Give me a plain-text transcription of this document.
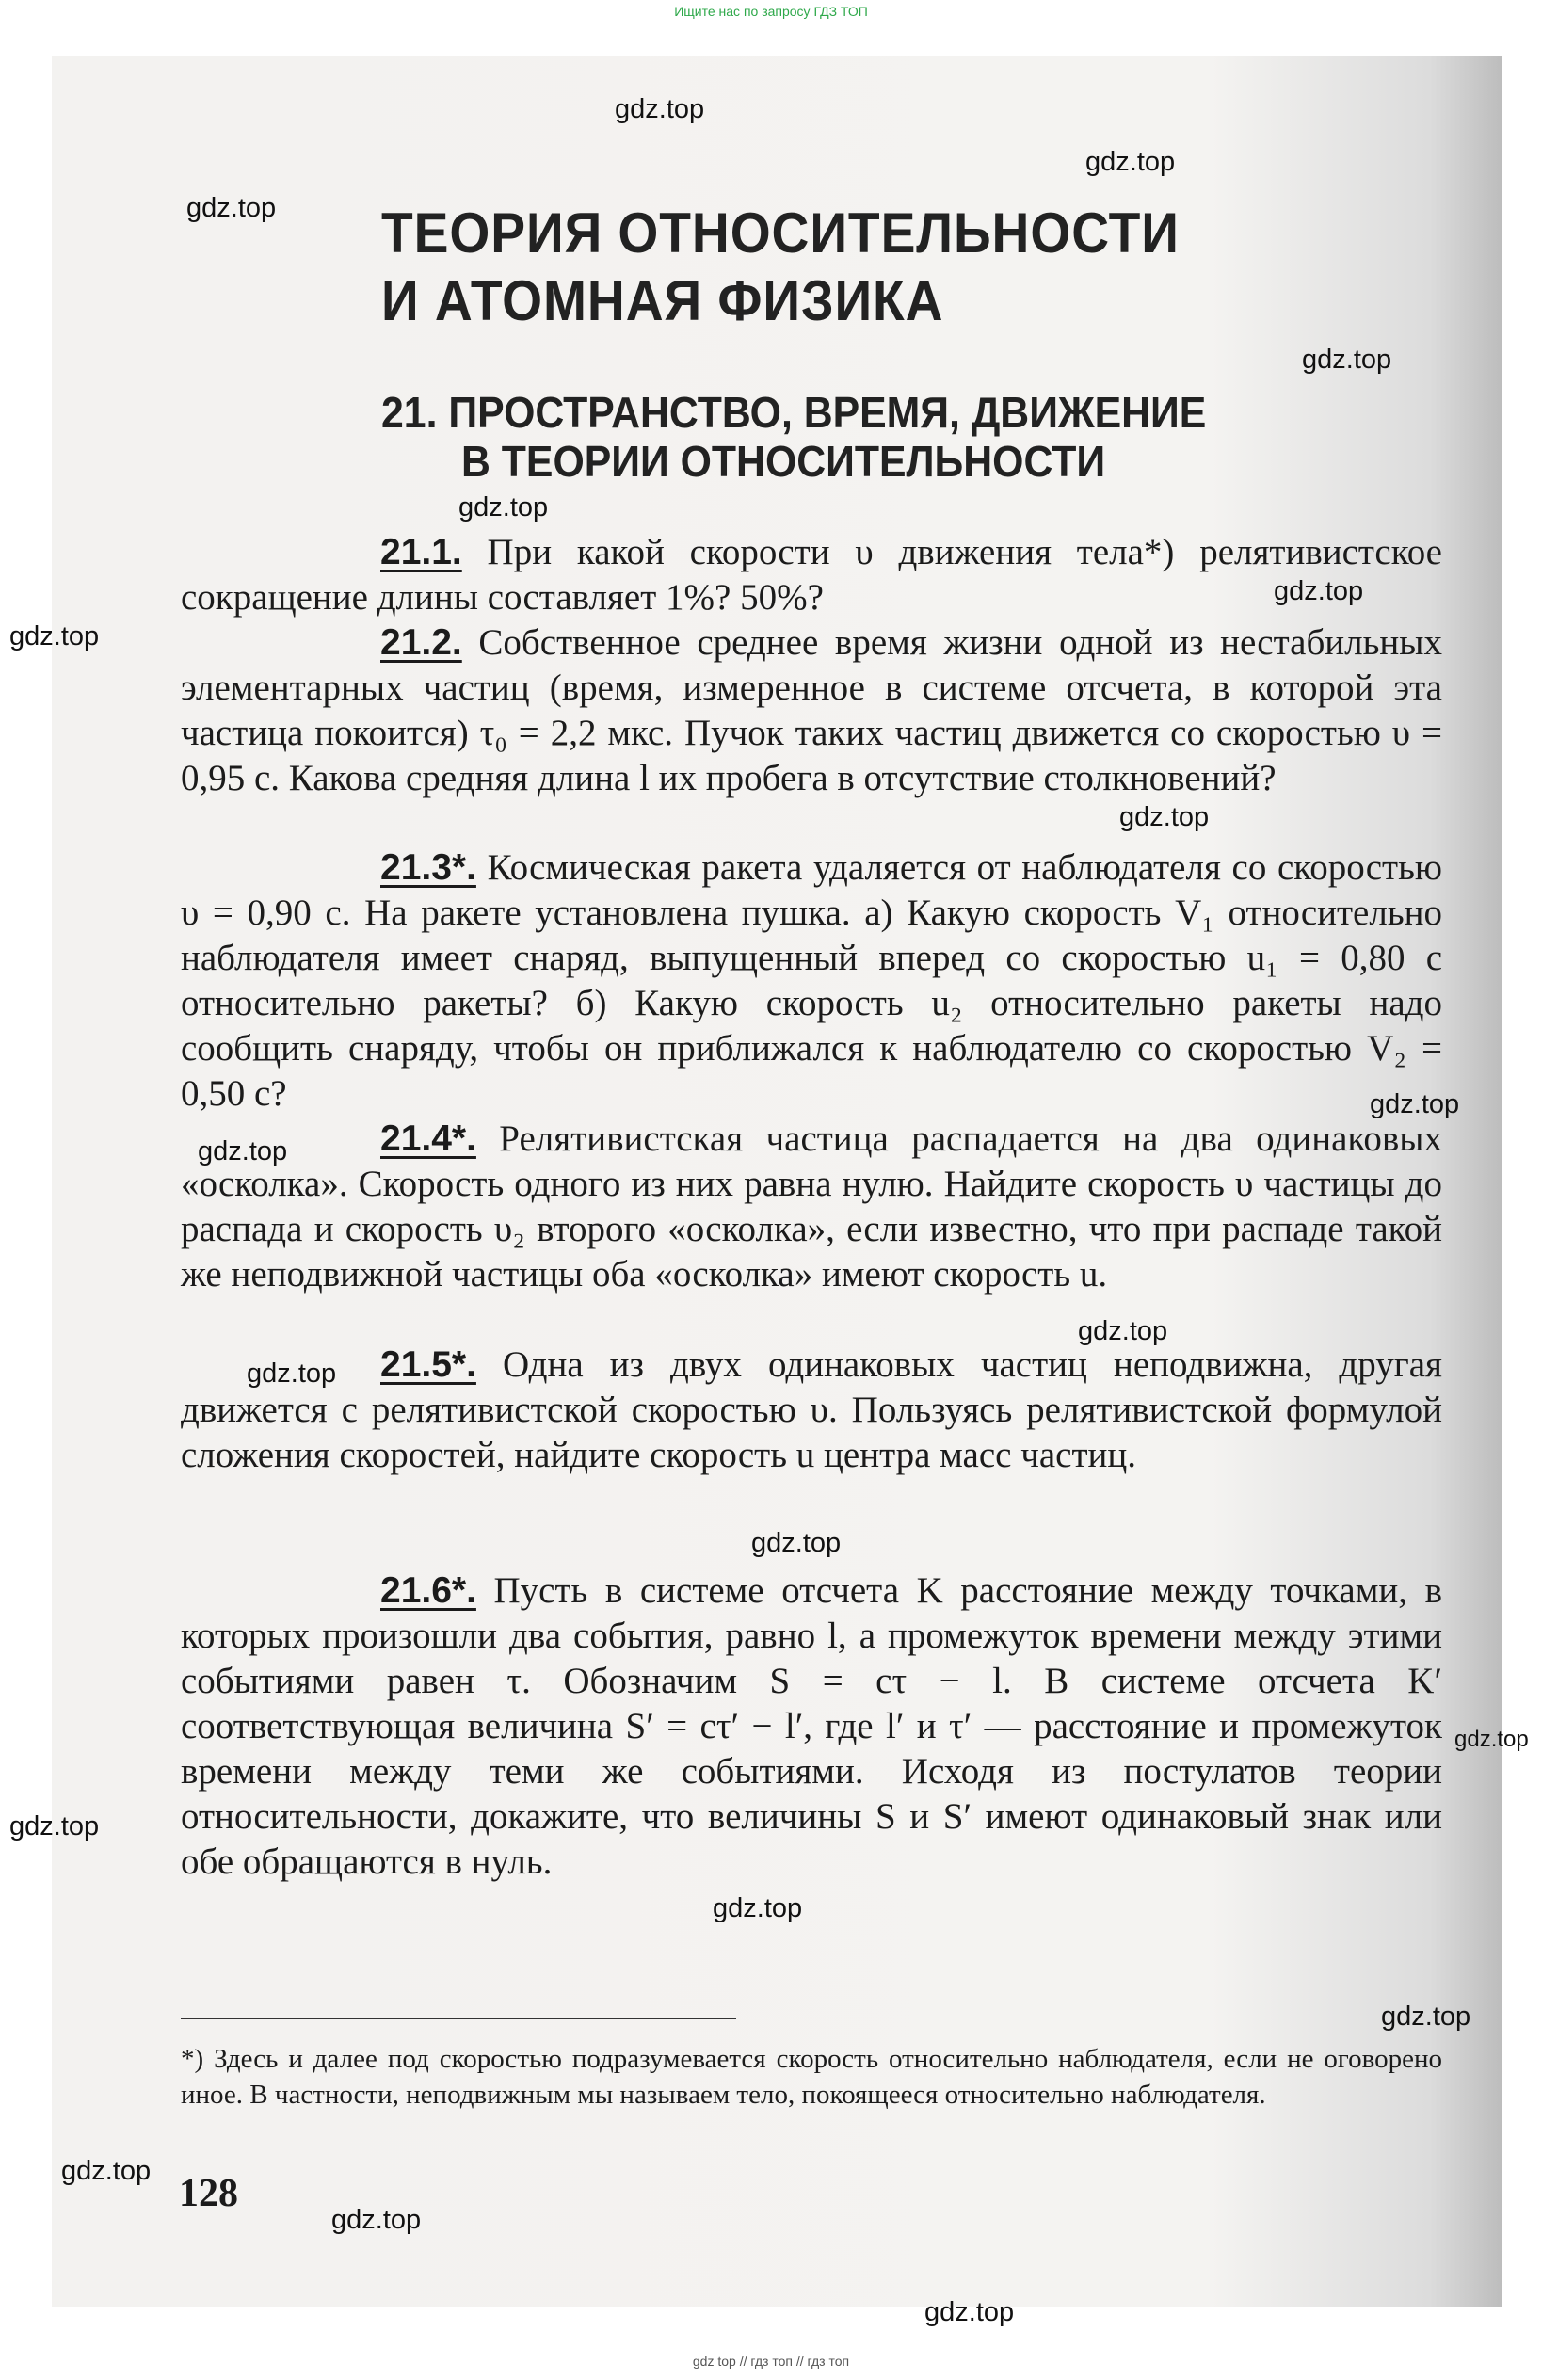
Ищите нас по запросу ГДЗ ТОП
ТЕОРИЯ ОТНОСИТЕЛЬНОСТИ
И АТОМНАЯ ФИЗИКА
21. ПРОСТРАНСТВО, ВРЕМЯ, ДВИЖЕНИЕ
В ТЕОРИИ ОТНОСИТЕЛЬНОСТИ
21.1. При какой скорости υ движения тела*) релятивистское сокращение длины составляет 1%? 50%?
21.2. Собственное среднее время жизни одной из нестабильных элементарных частиц (время, измеренное в системе отсчета, в которой эта частица покоится) τ₀ = 2,2 мкс. Пучок таких частиц движется со скоростью υ = 0,95 c. Какова средняя длина l их пробега в отсутствие столкновений?
21.3*. Космическая ракета удаляется от наблюдателя со скоростью υ = 0,90 c. На ракете установлена пушка. а) Какую скорость V₁ относительно наблюдателя имеет снаряд, выпущенный вперед со скоростью u₁ = 0,80 c относительно ракеты? б) Какую скорость u₂ относительно ракеты надо сообщить снаряду, чтобы он приближался к наблюдателю со скоростью V₂ = 0,50 c?
21.4*. Релятивистская частица распадается на два одинаковых «осколка». Скорость одного из них равна нулю. Найдите скорость υ частицы до распада и скорость υ₂ второго «осколка», если известно, что при распаде такой же неподвижной частицы оба «осколка» имеют скорость u.
21.5*. Одна из двух одинаковых частиц неподвижна, другая движется с релятивистской скоростью υ. Пользуясь релятивистской формулой сложения скоростей, найдите скорость u центра масс частиц.
21.6*. Пусть в системе отсчета K расстояние между точками, в которых произошли два события, равно l, а промежуток времени между этими событиями равен τ. Обозначим S = cτ − l. В системе отсчета K′ соответствующая величина S′ = cτ′ − l′, где l′ и τ′ — расстояние и промежуток времени между теми же событиями. Исходя из постулатов теории относительности, докажите, что величины S и S′ имеют одинаковый знак или обе обращаются в нуль.
*) Здесь и далее под скоростью подразумевается скорость относительно наблюдателя, если не оговорено иное. В частности, неподвижным мы называем тело, покоящееся относительно наблюдателя.
128
gdz.top
gdz.top
gdz.top
gdz.top
gdz.top
gdz.top
gdz.top
gdz.top
gdz.top
gdz.top
gdz.top
gdz.top
gdz.top
gdz.top
gdz.top
gdz.top
gdz.top
gdz.top
gdz.top
gdz.top
gdz top // гдз топ // гдз топ
